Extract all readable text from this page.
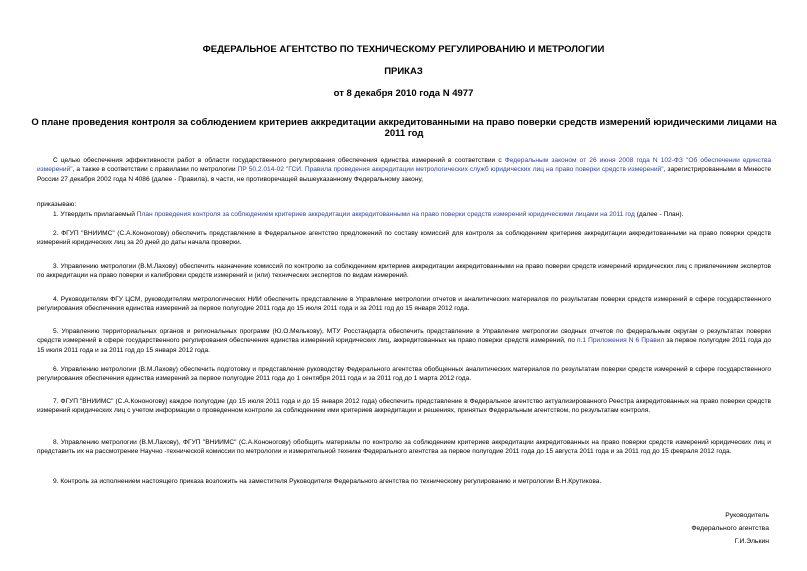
ФЕДЕРАЛЬНОЕ АГЕНТСТВО ПО ТЕХНИЧЕСКОМУ РЕГУЛИРОВАНИЮ И МЕТРОЛОГИИ
ПРИКАЗ
от 8 декабря 2010 года N 4977
О плане проведения контроля за соблюдением критериев аккредитации аккредитованными на право поверки средств измерений юридическими лицами на 2011 год
С целью обеспечения эффективности работ в области государственного регулирования обеспечения единства измерений в соответствии с Федеральным законом от 26 июня 2008 года N 102-ФЗ "Об обеспечении единства измерений", а также в соответствии с правилами по метрологии ПР 50.2.014-02 "ГСИ. Правила проведения аккредитации метрологических служб юридических лиц на право поверки средств измерений", зарегистрированными в Минюсте России 27 декабря 2002 года N 4086 (далее - Правила), в части, не противоречащей вышеуказанному Федеральному закону,
приказываю:
1. Утвердить прилагаемый План проведения контроля за соблюдением критериев аккредитации аккредитованными на право поверки средств измерений юридическими лицами на 2011 год (далее - План).
2. ФГУП "ВНИИМС" (С.А.Кононогову) обеспечить представление в Федеральное агентство предложений по составу комиссий для контроля за соблюдением критериев аккредитации аккредитованными на право поверки средств измерений юридических лиц за 20 дней до даты начала проверки.
3. Управлению метрологии (В.М.Лахову) обеспечить назначение комиссий по контролю за соблюдением критериев аккредитации аккредитованными на право поверки средств измерений юридических лиц с привлечением экспертов по аккредитации на право поверки и калибровки средств измерений и (или) технических экспертов по видам измерений.
4. Руководителям ФГУ ЦСМ, руководителям метрологических НИИ обеспечить представление в Управление метрологии отчетов и аналитических материалов по результатам поверки средств измерений в сфере государственного регулирования обеспечения единства измерений за первое полугодие 2011 года до 15 июля 2011 года и за 2011 год до 15 января 2012 года.
5. Управлению территориальных органов и региональных программ (Ю.О.Мелькову), МТУ Росстандарта обеспечить представление в Управление метрологии сводных отчетов по федеральным округам о результатах поверки средств измерений в сфере государственного регулирования обеспечения единства измерений юридических лиц, аккредитованных на право поверки средств измерений, по п.1 Приложения N 6 Правил за первое полугодие 2011 года до 15 июля 2011 года и за 2011 год до 15 января 2012 года.
6. Управлению метрологии (В.М.Лахову) обеспечить подготовку и представление руководству Федерального агентства обобщенных аналитических материалов по результатам поверки средств измерений в сфере государственного регулирования обеспечения единства измерений за первое полугодие 2011 года до 1 сентября 2011 года и за 2011 год до 1 марта 2012 года.
7. ФГУП "ВНИИМС" (С.А.Кононогову) каждое полугодие (до 15 июля 2011 года и до 15 января 2012 года) обеспечить представление в Федеральное агентство актуализированного Реестра аккредитованных на право поверки средств измерений юридических лиц с учетом информации о проведенном контроле за соблюдением ими критериев аккредитации и решениях, принятых Федеральным агентством, по результатам контроля.
8. Управлению метрологии (В.М.Лахову), ФГУП "ВНИИМС" (С.А.Кононогову) обобщить материалы по контролю за соблюдением критериев аккредитации аккредитованных на право поверки средств измерений юридических лиц и представить их на рассмотрение Научно -технической комиссии по метрологии и измерительной технике Федерального агентства за первое полугодие 2011 года до 15 августа 2011 года и за 2011 год до 15 февраля 2012 года.
9. Контроль за исполнением настоящего приказа возложить на заместителя Руководителя Федерального агентства по техническому регулированию и метрологии В.Н.Крутикова.
Руководитель
Федерального агентства
Г.И.Элькин
